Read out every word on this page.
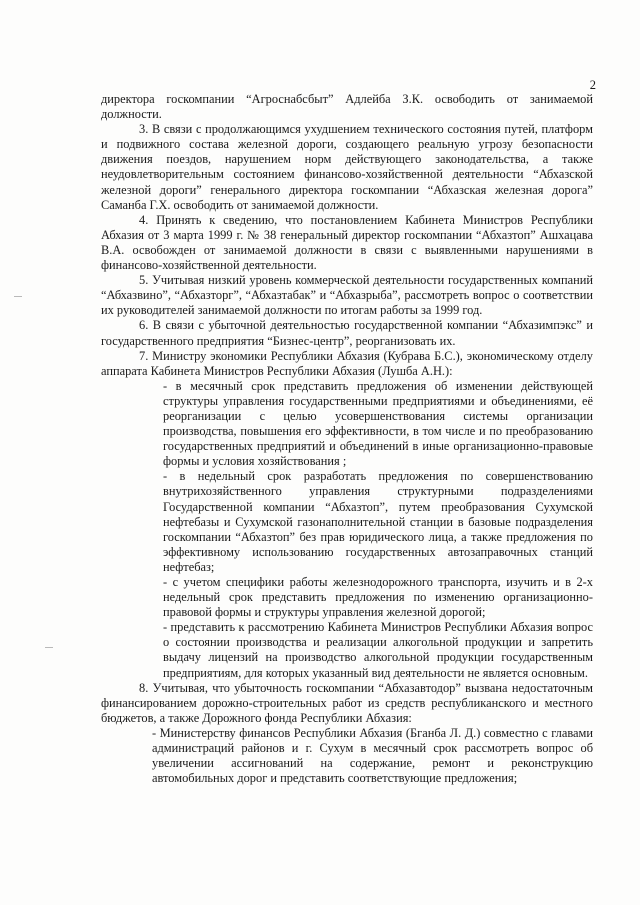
2

директора госкомпании “Агроснабсбыт” Адлейба З.К. освободить от занимаемой должности.

3. В связи с продолжающимся ухудшением технического состояния путей, платформ и подвижного состава железной дороги, создающего реальную угрозу безопасности движения поездов, нарушением норм действующего законодательства, а также неудовлетворительным состоянием финансово-хозяйственной деятельности “Абхазской железной дороги” генерального директора госкомпании “Абхазская железная дорога” Саманба Г.Х. освободить от занимаемой должности.

4. Принять к сведению, что постановлением Кабинета Министров Республики Абхазия от 3 марта 1999 г. № 38 генеральный директор госкомпании “Абхазтоп” Ашхацава В.А. освобожден от занимаемой должности в связи с выявленными нарушениями в финансово-хозяйственной деятельности.

5. Учитывая низкий уровень коммерческой деятельности государственных компаний “Абхазвино”, “Абхазторг”, “Абхазтабак” и “Абхазрыба”, рассмотреть вопрос о соответствии их руководителей занимаемой должности по итогам работы за 1999 год.

6. В связи с убыточной деятельностью государственной компании “Абхазимпэкс” и государственного предприятия “Бизнес-центр”, реорганизовать их.

7. Министру экономики Республики Абхазия (Кубрава Б.С.), экономическому отделу аппарата Кабинета Министров Республики Абхазия (Лушба А.Н.):

- в месячный срок представить предложения об изменении действующей структуры управления государственными предприятиями и объединениями, её реорганизации с целью усовершенствования системы организации производства, повышения его эффективности, в том числе и по преобразованию государственных предприятий и объединений в иные организационно-правовые формы и условия хозяйствования ;

- в недельный срок разработать предложения по совершенствованию внутрихозяйственного управления структурными подразделениями Государственной компании “Абхазтоп”, путем преобразования Сухумской нефтебазы и Сухумской газонаполнительной станции в базовые подразделения госкомпании “Абхазтоп” без прав юридического лица, а также предложения по эффективному использованию государственных автозаправочных станций нефтебаз;

- с учетом специфики работы железнодорожного транспорта, изучить и в 2-х недельный срок представить предложения по изменению организационно-правовой формы и структуры управления железной дорогой;

- представить к рассмотрению Кабинета Министров Республики Абхазия вопрос о состоянии производства и реализации алкогольной продукции и запретить выдачу лицензий на производство алкогольной продукции государственным предприятиям, для которых указанный вид деятельности не является основным.

8. Учитывая, что убыточность госкомпании “Абхазавтодор” вызвана недостаточным финансированием дорожно-строительных работ из средств республиканского и местного бюджетов, а также Дорожного фонда Республики Абхазия:

- Министерству финансов Республики Абхазия (Бганба Л. Д.) совместно с главами администраций районов и г. Сухум в месячный срок рассмотреть вопрос об увеличении ассигнований на содержание, ремонт и реконструкцию автомобильных дорог и представить соответствующие предложения;
